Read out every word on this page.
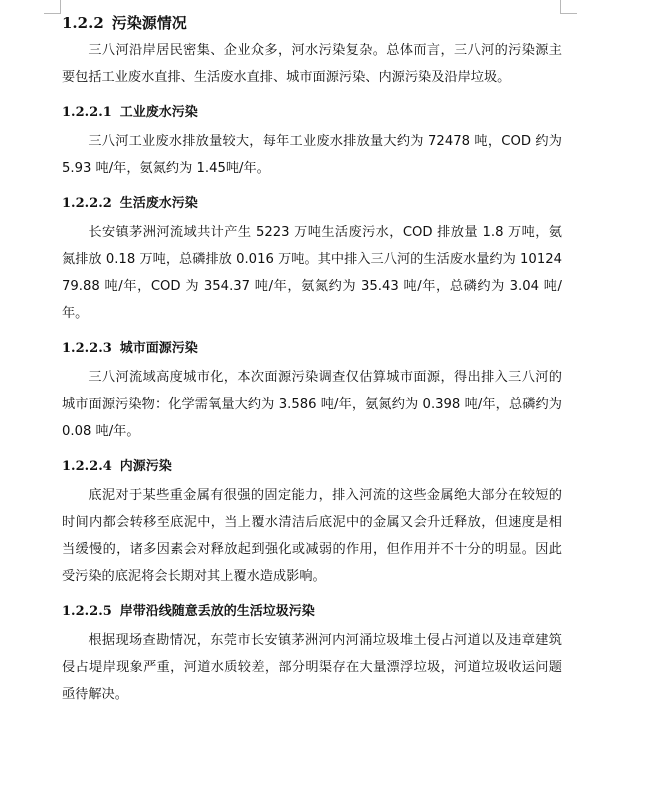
1.2.2 污染源情况

三八河沿岸居民密集、企业众多，河水污染复杂。总体而言，三八河的污染源主要包括工业废水直排、生活废水直排、城市面源污染、内源污染及沿岸垃圾。

1.2.2.1 工业废水污染

三八河工业废水排放量较大，每年工业废水排放量大约为 72478 吨，COD 约为 5.93 吨/年，氨氮约为 1.45吨/年。

1.2.2.2 生活废水污染

长安镇茅洲河流域共计产生 5223 万吨生活废污水，COD 排放量 1.8 万吨，氨氮排放 0.18 万吨，总磷排放 0.016 万吨。其中排入三八河的生活废水量约为 1012479.88 吨/年，COD 为 354.37 吨/年，氨氮约为 35.43 吨/年，总磷约为 3.04 吨/年。

1.2.2.3 城市面源污染

三八河流域高度城市化，本次面源污染调查仅估算城市面源，得出排入三八河的城市面源污染物：化学需氧量大约为 3.586 吨/年，氨氮约为 0.398 吨/年，总磷约为 0.08 吨/年。

1.2.2.4 内源污染

底泥对于某些重金属有很强的固定能力，排入河流的这些金属绝大部分在较短的时间内都会转移至底泥中，当上覆水清洁后底泥中的金属又会升迁释放，但速度是相当缓慢的，诸多因素会对释放起到强化或减弱的作用，但作用并不十分的明显。因此受污染的底泥将会长期对其上覆水造成影响。

1.2.2.5 岸带沿线随意丢放的生活垃圾污染

根据现场查勘情况，东莞市长安镇茅洲河内河涌垃圾堆土侵占河道以及违章建筑侵占堤岸现象严重，河道水质较差，部分明渠存在大量漂浮垃圾，河道垃圾收运问题亟待解决。
